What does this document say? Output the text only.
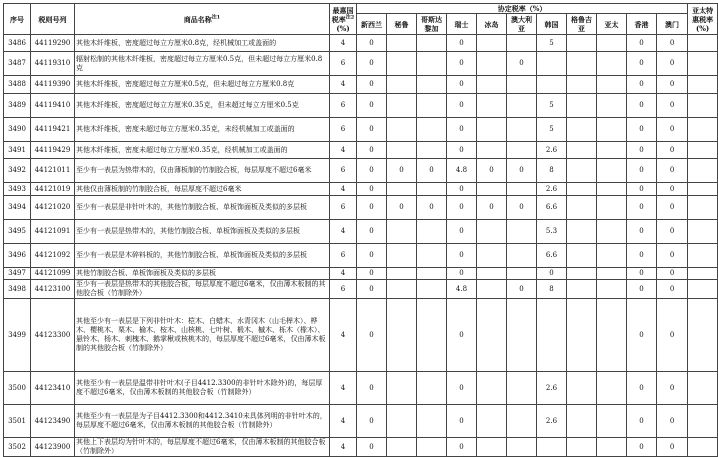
序号	税则号列	商品名称$^{注1}$	最惠国税率$^{注2}$
(%)	协定税率（%）											亚太特惠税率(%)
				新西兰	秘鲁	哥斯达黎加	瑞士	冰岛	澳大利亚	韩国	格鲁吉亚	亚太	香港	澳门	
3486	44119290	其他木纤维板，密度超过每立方厘米0.8克，经机械加工或盖面的	4	0			0			5			0	0	
3487	44119310	辐射松制的其他木纤维板，密度超过每立方厘米0.5克，但未超过每立方厘米0.8克	6	0			0		0				0	0	
3488	44119390	其他木纤维板，密度超过每立方厘米0.5克，但未超过每立方厘米0.8克	4	0			0						0	0	
3489	44119410	其他木纤维板，密度超过每立方厘米0.35克，但未超过每立方厘米0.5克	6	0			0			5			0	0	
3490	44119421	其他木纤维板，密度未超过每立方厘米0.35克，未经机械加工或盖面的	6	0			0			5			0	0	
3491	44119429	其他木纤维板，密度未超过每立方厘米0.35克，经机械加工或盖面的	4	0			0			2.6			0	0	
3492	44121011	至少有一表层为热带木的，仅由薄板制的竹制胶合板，每层厚度不超过6毫米	6	0	0	0	4.8	0	0	8			0	0	
3493	44121019	其他仅由薄板制的竹制胶合板，每层厚度不超过6毫米	4	0			0			2.6			0	0	
3494	44121020	至少有一表层是非针叶木的，其他竹制胶合板、单板饰面板及类似的多层板	6	0	0	0	0	0	0	6.6			0	0	
3495	44121091	至少有一表层是热带木的，其他竹制胶合板、单板饰面板及类似的多层板	4	0			0			5.3			0	0	
3496	44121092	至少有一表层是木碎料板的，其他竹制胶合板、单板饰面板及类似的多层板	6	0			0			6.6			0	0	
3497	44121099	其他竹制胶合板、单板饰面板及类似的多层板	4	0			0			0			0	0	
3498	44123100	至少有一表层是热带木的其他胶合板，每层厚度不超过6毫米，仅由薄木板制的其他胶合板（竹制除外）	6	0			4.8		0	8			0	0	
3499	44123300	其他至少有一表层是下列非针叶木：桤木、白蜡木、水青冈木（山毛榉木）、桦木、樱桃木、栗木、榆木、桉木、山核桃、七叶树、椴木、槭木、栎木（橡木）、悬铃木、杨木、刺槐木、鹅掌楸或核桃木的，每层厚度不超过6毫米，仅由薄木板制的其他胶合板（竹制除外）	4	0			0						0	0	
3500	44123410	其他至少有一表层是温带非针叶木(子目4412.3300的非针叶木除外)的，每层厚度不超过6毫米，仅由薄木板制的其他胶合板（竹制除外）	4	0			0			2.6			0	0	
3501	44123490	其他至少有一表层是为子目4412.3300和4412.3410未具体列明的非针叶木的，每层厚度不超过6毫米，仅由薄木板制的其他胶合板（竹制除外）	4	0			0			2.6			0	0	
3502	44123900	其他上下表层均为针叶木的，每层厚度不超过6毫米，仅由薄木板制的其他胶合板（竹制除外）	4	0			0						0	0	
